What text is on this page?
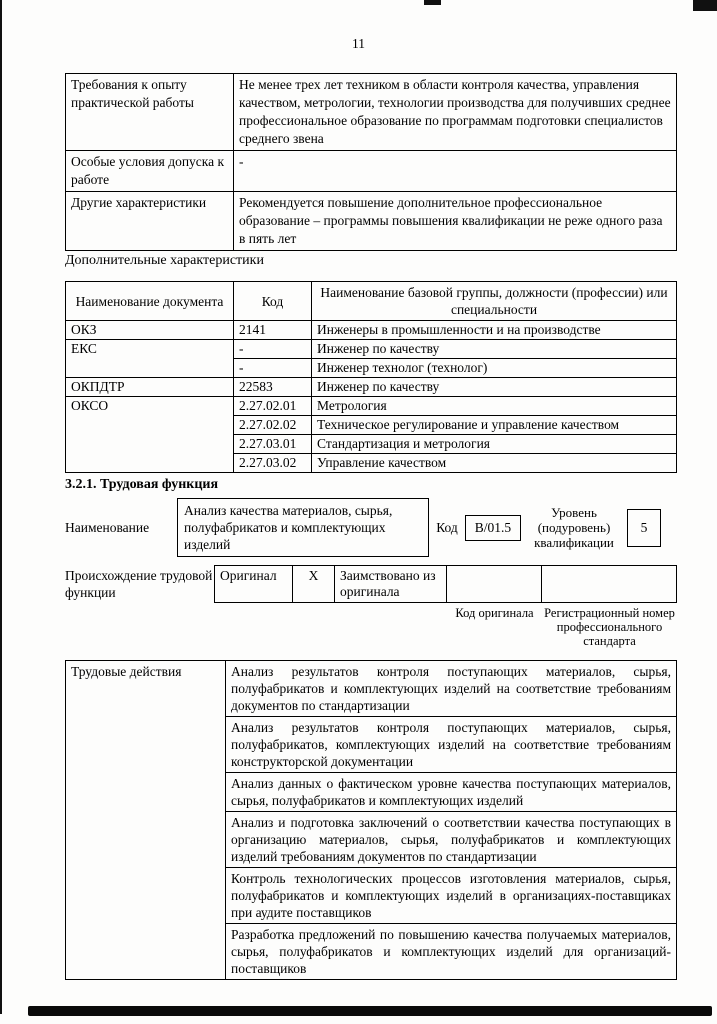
11
Требования к опыту практической работы	Не менее трех лет техником в области контроля качества, управления качеством, метрологии, технологии производства для получивших среднее профессиональное образование по программам подготовки специалистов среднего звена
Особые условия допуска к работе	-
Другие характеристики	Рекомендуется повышение дополнительное профессиональное образование – программы повышения квалификации не реже одного раза в пять лет
Дополнительные характеристики
Наименование документа	Код	Наименование базовой группы, должности (профессии) или специальности
ОКЗ	2141	Инженеры в промышленности и на производстве
ЕКС	-	Инженер по качеству
	-	Инженер технолог (технолог)
ОКПДТР	22583	Инженер по качеству
ОКСО	2.27.02.01	Метрология
	2.27.02.02	Техническое регулирование и управление качеством
	2.27.03.01	Стандартизация и метрология
	2.27.03.02	Управление качеством
3.2.1. Трудовая функция
Наименование
Анализ качества материалов, сырья, полуфабрикатов и комплектующих изделий
Код	В/01.5
Уровень (подуровень) квалификации
5
Происхождение трудовой функции
Оригинал	X	Заимствовано из оригинала		
Код оригинала Регистрационный номер профессионального стандарта
Трудовые действия	Анализ результатов контроля поступающих материалов, сырья, полуфабрикатов и комплектующих изделий на соответствие требованиям документов по стандартизации
Анализ результатов контроля поступающих материалов, сырья, полуфабрикатов, комплектующих изделий на соответствие требованиям конструкторской документации
Анализ данных о фактическом уровне качества поступающих материалов, сырья, полуфабрикатов и комплектующих изделий
Анализ и подготовка заключений о соответствии качества поступающих в организацию материалов, сырья, полуфабрикатов и комплектующих изделий требованиям документов по стандартизации
Контроль технологических процессов изготовления материалов, сырья, полуфабрикатов и комплектующих изделий в организациях-поставщиках при аудите поставщиков
Разработка предложений по повышению качества получаемых материалов, сырья, полуфабрикатов и комплектующих изделий для организаций-поставщиков
